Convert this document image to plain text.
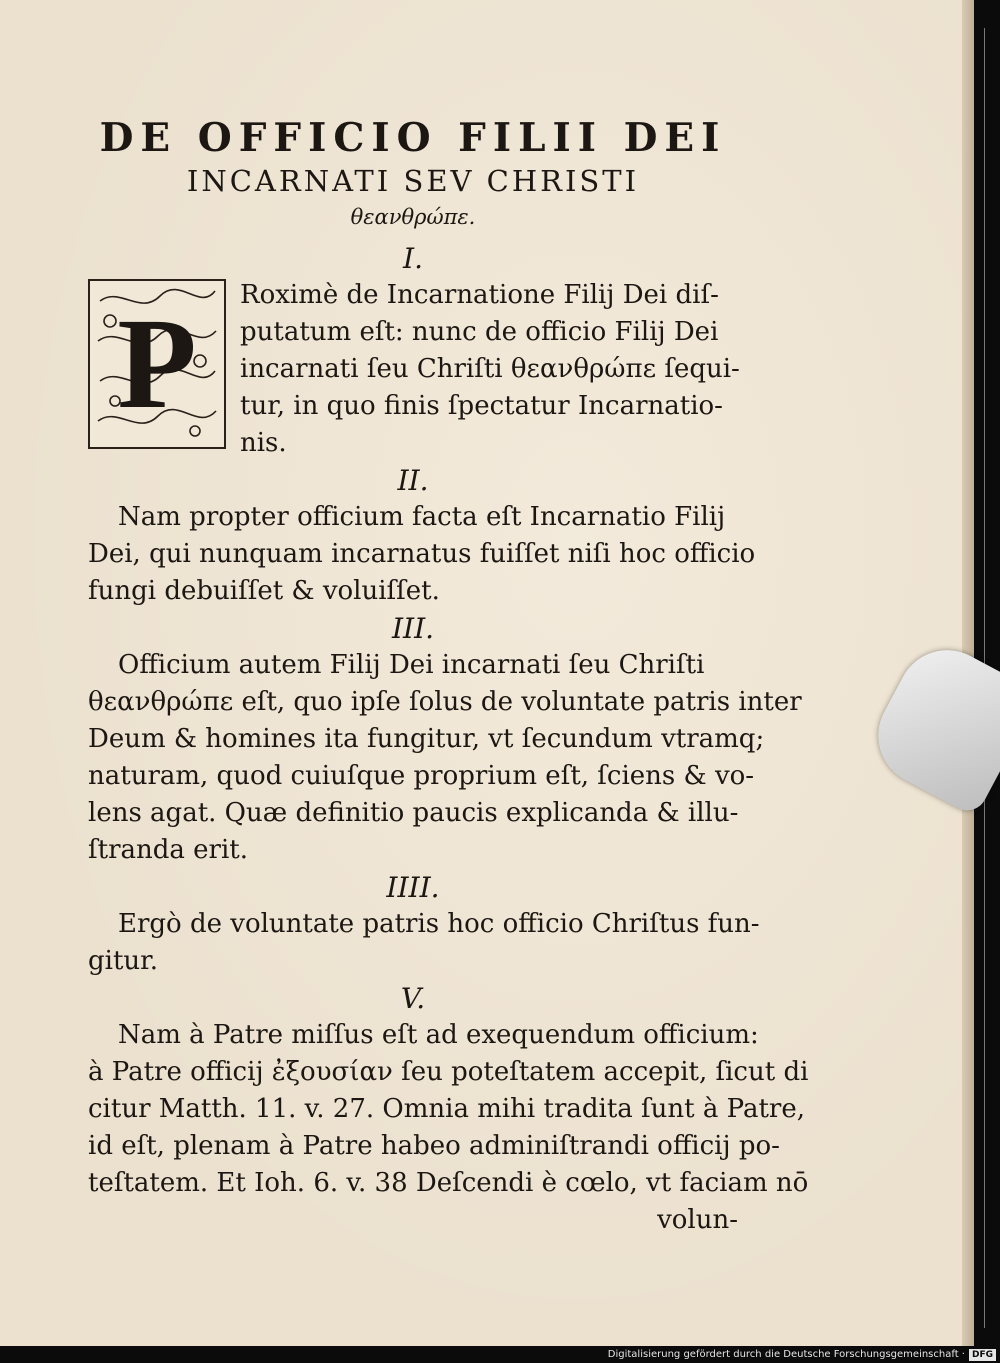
DE OFFICIO FILII DEI
INCARNATI SEV CHRISTI
θεανθρώπε.
I.
P	Roximè de Incarnatione Filij Dei diſ-
putatum eſt: nunc de officio Filij Dei
incarnati ſeu Chriſti θεανθρώπε ſequi-
tur, in quo finis ſpectatur Incarnatio-
nis.
II.
Nam propter officium facta eſt Incarnatio Filij
Dei, qui nunquam incarnatus fuiſſet niſi hoc officio
fungi debuiſſet & voluiſſet.
III.
Officium autem Filij Dei incarnati ſeu Chriſti
θεανθρώπε eſt, quo ipſe ſolus de voluntate patris inter
Deum & homines ita fungitur, vt ſecundum vtramq;
naturam, quod cuiuſque proprium eſt, ſciens & vo-
lens agat. Quæ definitio paucis explicanda & illu-
ſtranda erit.
IIII.
Ergò de voluntate patris hoc officio Chriſtus fun-
gitur.
V.
Nam à Patre miſſus eſt ad exequendum officium:
à Patre officij ἐξουσίαν ſeu poteſtatem accepit, ſicut di
citur Matth. 11. v. 27. Omnia mihi tradita ſunt à Patre,
id eſt, plenam à Patre habeo adminiſtrandi officij po-
teſtatem. Et Ioh. 6. v. 38 Deſcendi è cœlo, vt faciam nō
volun-
Digitalisierung gefördert durch die Deutsche Forschungsgemeinschaft · DFG
